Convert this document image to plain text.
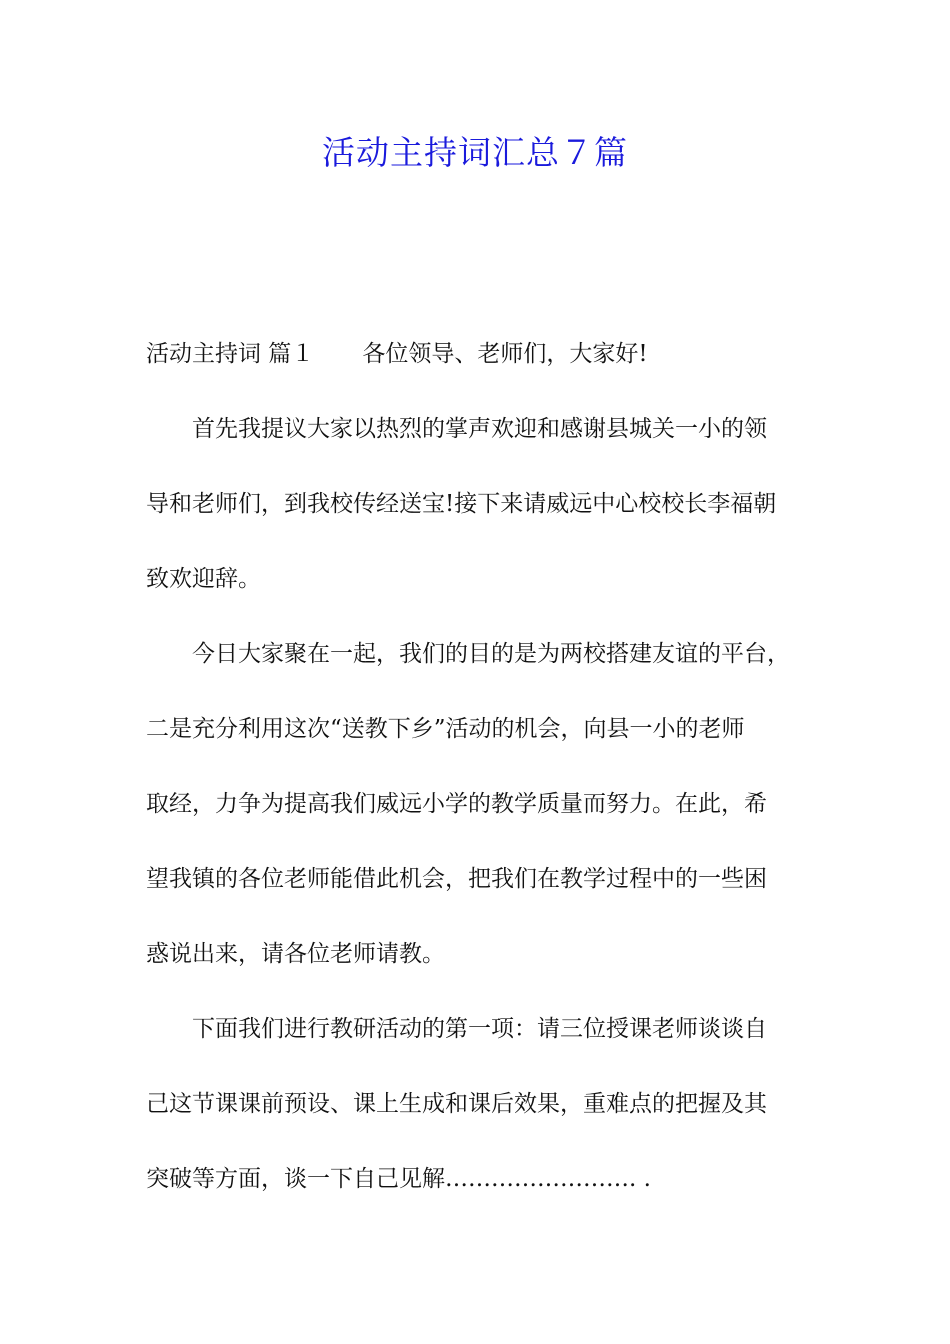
活动主持词汇总７篇
活动主持词 篇１ 各位领导、老师们，大家好!
首先我提议大家以热烈的掌声欢迎和感谢县城关一小的领
导和老师们，到我校传经送宝!接下来请威远中心校校长李福朝
致欢迎辞。
今日大家聚在一起，我们的目的是为两校搭建友谊的平台，
二是充分利用这次“送教下乡”活动的机会，向县一小的老师
取经，力争为提高我们威远小学的教学质量而努力。在此，希
望我镇的各位老师能借此机会，把我们在教学过程中的一些困
惑说出来，请各位老师请教。
下面我们进行教研活动的第一项：请三位授课老师谈谈自
己这节课课前预设、课上生成和课后效果，重难点的把握及其
突破等方面，谈一下自己见解……………………. .
